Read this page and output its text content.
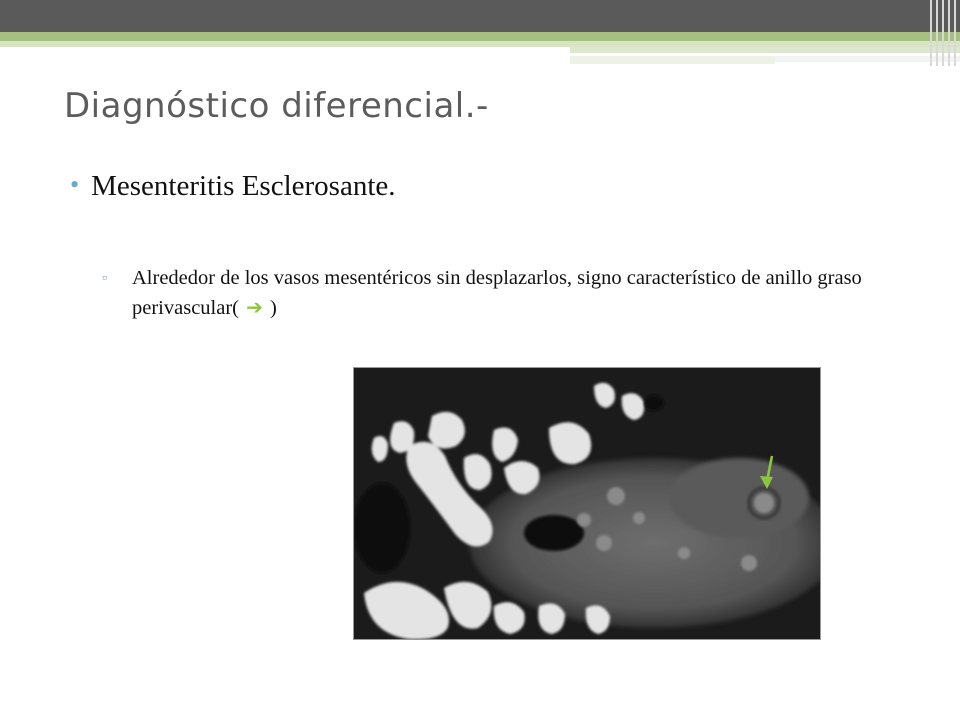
Diagnóstico diferencial.-
• Mesenteritis Esclerosante.
▫ Alrededor de los vasos mesentéricos sin desplazarlos, signo característico de anillo graso perivascular( ➔ )
